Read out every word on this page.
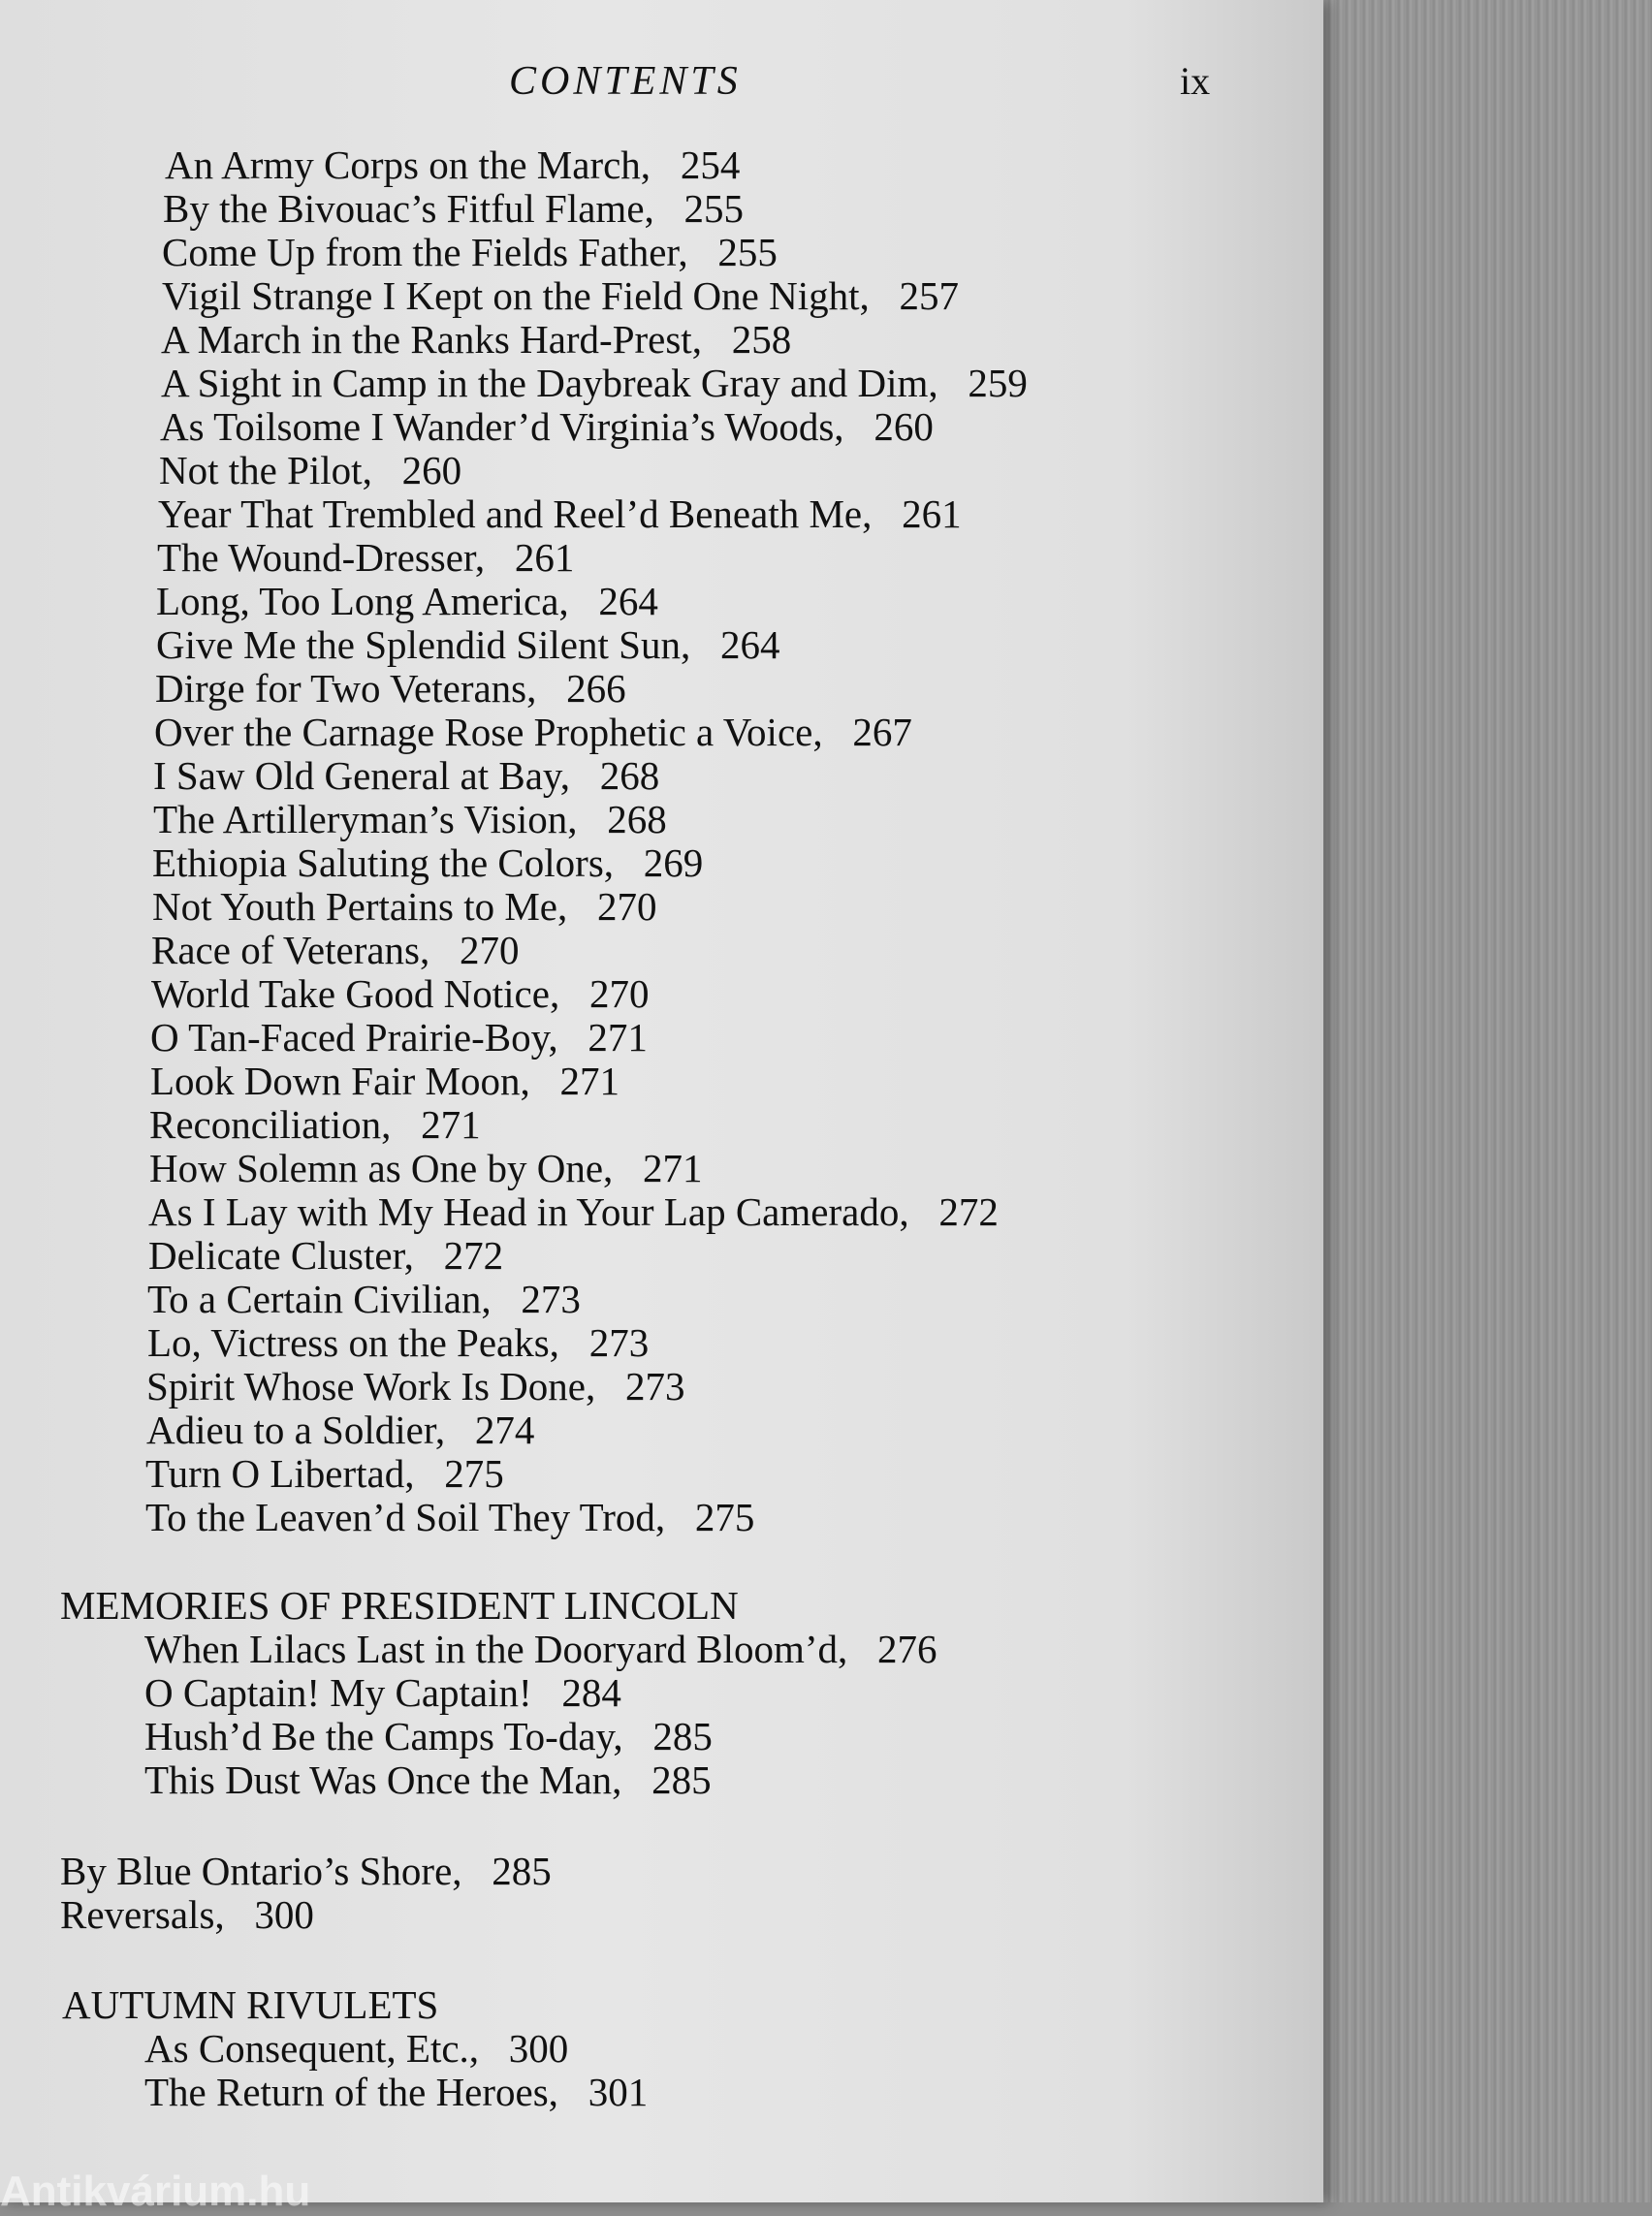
CONTENTS	ix
An Army Corps on the March, 254
By the Bivouac’s Fitful Flame, 255
Come Up from the Fields Father, 255
Vigil Strange I Kept on the Field One Night, 257
A March in the Ranks Hard-Prest, 258
A Sight in Camp in the Daybreak Gray and Dim, 259
As Toilsome I Wander’d Virginia’s Woods, 260
Not the Pilot, 260
Year That Trembled and Reel’d Beneath Me, 261
The Wound-Dresser, 261
Long, Too Long America, 264
Give Me the Splendid Silent Sun, 264
Dirge for Two Veterans, 266
Over the Carnage Rose Prophetic a Voice, 267
I Saw Old General at Bay, 268
The Artilleryman’s Vision, 268
Ethiopia Saluting the Colors, 269
Not Youth Pertains to Me, 270
Race of Veterans, 270
World Take Good Notice, 270
O Tan-Faced Prairie-Boy, 271
Look Down Fair Moon, 271
Reconciliation, 271
How Solemn as One by One, 271
As I Lay with My Head in Your Lap Camerado, 272
Delicate Cluster, 272
To a Certain Civilian, 273
Lo, Victress on the Peaks, 273
Spirit Whose Work Is Done, 273
Adieu to a Soldier, 274
Turn O Libertad, 275
To the Leaven’d Soil They Trod, 275
MEMORIES OF PRESIDENT LINCOLN
When Lilacs Last in the Dooryard Bloom’d, 276
O Captain! My Captain! 284
Hush’d Be the Camps To-day, 285
This Dust Was Once the Man, 285
By Blue Ontario’s Shore, 285
Reversals, 300
AUTUMN RIVULETS
As Consequent, Etc., 300
The Return of the Heroes, 301
Antikvárium.hu
